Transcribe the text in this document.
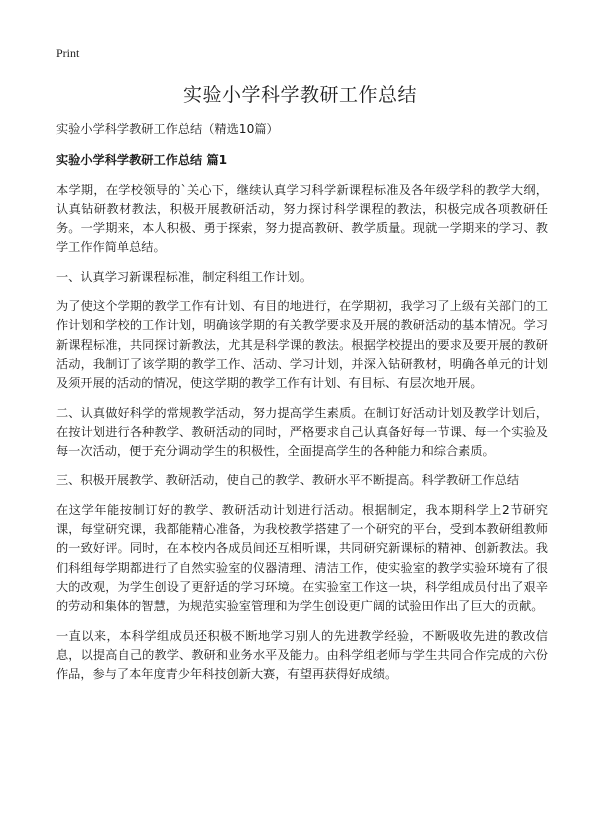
Print
实验小学科学教研工作总结

实验小学科学教研工作总结（精选10篇）

实验小学科学教研工作总结 篇1

本学期，在学校领导的`关心下，继续认真学习科学新课程标准及各年级学科的教学大纲，认真钻研教材教法，积极开展教研活动，努力探讨科学课程的教法，积极完成各项教研任务。一学期来，本人积极、勇于探索，努力提高教研、教学质量。现就一学期来的学习、教学工作作简单总结。

一、认真学习新课程标准，制定科组工作计划。

为了使这个学期的教学工作有计划、有目的地进行，在学期初，我学习了上级有关部门的工作计划和学校的工作计划，明确该学期的有关教学要求及开展的教研活动的基本情况。学习新课程标准，共同探讨新教法，尤其是科学课的教法。根据学校提出的要求及要开展的教研活动，我制订了该学期的教学工作、活动、学习计划，并深入钻研教材，明确各单元的计划及须开展的活动的情况，使这学期的教学工作有计划、有目标、有层次地开展。

二、认真做好科学的常规教学活动，努力提高学生素质。在制订好活动计划及教学计划后，在按计划进行各种教学、教研活动的同时，严格要求自己认真备好每一节课、每一个实验及每一次活动，便于充分调动学生的积极性，全面提高学生的各种能力和综合素质。

三、积极开展教学、教研活动，使自己的教学、教研水平不断提高。科学教研工作总结

在这学年能按制订好的教学、教研活动计划进行活动。根据制定，我本期科学上2节研究课，每堂研究课，我都能精心准备，为我校教学搭建了一个研究的平台，受到本教研组教师的一致好评。同时，在本校内各成员间还互相听课，共同研究新课标的精神、创新教法。我们科组每学期都进行了自然实验室的仪器清理、清洁工作，使实验室的教学实验环境有了很大的改观，为学生创设了更舒适的学习环境。在实验室工作这一块，科学组成员付出了艰辛的劳动和集体的智慧，为规范实验室管理和为学生创设更广阔的试验田作出了巨大的贡献。

一直以来，本科学组成员还积极不断地学习别人的先进教学经验，不断吸收先进的教改信息，以提高自己的教学、教研和业务水平及能力。由科学组老师与学生共同合作完成的六份作品，参与了本年度青少年科技创新大赛，有望再获得好成绩。
